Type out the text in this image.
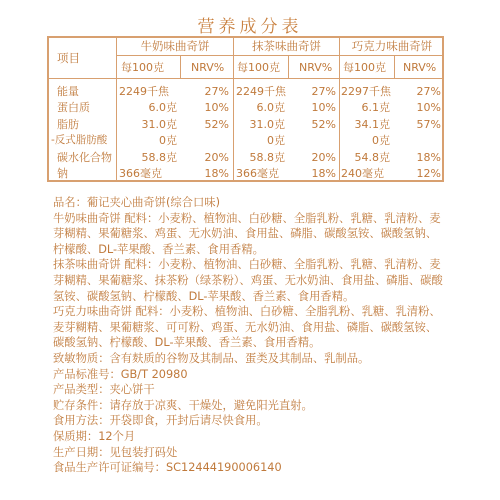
营养成分表
项目
牛奶味曲奇饼	抹茶味曲奇饼	巧克力味曲奇饼
每100克 NRV% 每100克 NRV% 每100克 NRV%
能量	2249千焦	27% 2249千焦	27% 2297千焦	27%
蛋白质	6.0克	10%	6.0克	10%	6.1克	10%
脂肪	31.0克	52%	31.0克	52%	34.1克	57%
-反式脂肪酸	0克	0克	0克
碳水化合物	58.8克	20%	58.8克	20%	54.8克	18%
钠	366毫克	18% 366毫克	18% 240毫克	12%

品名：葡记夹心曲奇饼(综合口味)

牛奶味曲奇饼 配料：小麦粉、植物油、白砂糖、全脂乳粉、乳糖、乳清粉、麦芽糊精、果葡糖浆、鸡蛋、无水奶油、食用盐、磷脂、碳酸氢铵、碳酸氢钠、柠檬酸、DL-苹果酸、香兰素、食用香精。

抹茶味曲奇饼 配料：小麦粉、植物油、白砂糖、全脂乳粉、乳糖、乳清粉、麦芽糊精、果葡糖浆、抹茶粉（绿茶粉）、鸡蛋、无水奶油、食用盐、磷脂、碳酸氢铵、碳酸氢钠、柠檬酸、DL-苹果酸、香兰素、食用香精。

巧克力味曲奇饼 配料：小麦粉、植物油、白砂糖、全脂乳粉、乳糖、乳清粉、麦芽糊精、果葡糖浆、可可粉、鸡蛋、无水奶油、食用盐、磷脂、碳酸氢铵、碳酸氢钠、柠檬酸、DL-苹果酸、香兰素、食用香精。

致敏物质：含有麸质的谷物及其制品、蛋类及其制品、乳制品。

产品标准号：GB/T 20980

产品类型：夹心饼干

贮存条件：请存放于凉爽、干燥处，避免阳光直射。

食用方法：开袋即食，开封后请尽快食用。

保质期：12个月

生产日期：见包装打码处

食品生产许可证编号：SC12444190006140
